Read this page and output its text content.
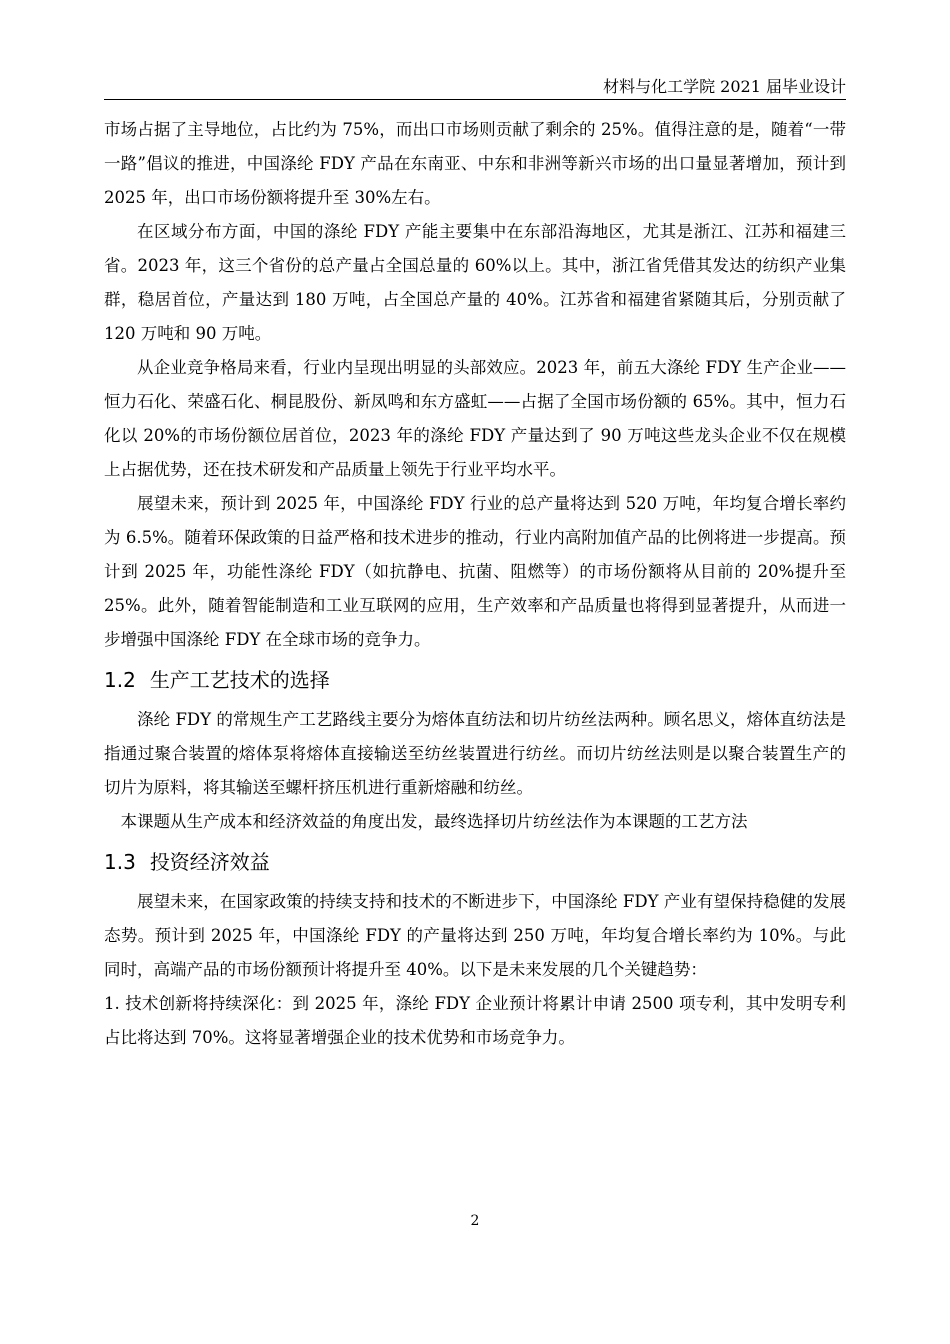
材料与化工学院 2021 届毕业设计

市场占据了主导地位，占比约为 75%，而出口市场则贡献了剩余的 25%。值得注意的是，随着“一带一路”倡议的推进，中国涤纶 FDY 产品在东南亚、中东和非洲等新兴市场的出口量显著增加，预计到 2025 年，出口市场份额将提升至 30%左右。

在区域分布方面，中国的涤纶 FDY 产能主要集中在东部沿海地区，尤其是浙江、江苏和福建三省。2023 年，这三个省份的总产量占全国总量的 60%以上。其中，浙江省凭借其发达的纺织产业集群，稳居首位，产量达到 180 万吨，占全国总产量的 40%。江苏省和福建省紧随其后，分别贡献了 120 万吨和 90 万吨。

从企业竞争格局来看，行业内呈现出明显的头部效应。2023 年，前五大涤纶 FDY 生产企业——恒力石化、荣盛石化、桐昆股份、新凤鸣和东方盛虹——占据了全国市场份额的 65%。其中，恒力石化以 20%的市场份额位居首位，2023 年的涤纶 FDY 产量达到了 90 万吨这些龙头企业不仅在规模上占据优势，还在技术研发和产品质量上领先于行业平均水平。

展望未来，预计到 2025 年，中国涤纶 FDY 行业的总产量将达到 520 万吨，年均复合增长率约为 6.5%。随着环保政策的日益严格和技术进步的推动，行业内高附加值产品的比例将进一步提高。预计到 2025 年，功能性涤纶 FDY（如抗静电、抗菌、阻燃等）的市场份额将从目前的 20%提升至 25%。此外，随着智能制造和工业互联网的应用，生产效率和产品质量也将得到显著提升，从而进一步增强中国涤纶 FDY 在全球市场的竞争力。

1.2 生产工艺技术的选择

涤纶 FDY 的常规生产工艺路线主要分为熔体直纺法和切片纺丝法两种。顾名思义，熔体直纺法是指通过聚合装置的熔体泵将熔体直接输送至纺丝装置进行纺丝。而切片纺丝法则是以聚合装置生产的切片为原料，将其输送至螺杆挤压机进行重新熔融和纺丝。

本课题从生产成本和经济效益的角度出发，最终选择切片纺丝法作为本课题的工艺方法

1.3 投资经济效益

展望未来，在国家政策的持续支持和技术的不断进步下，中国涤纶 FDY 产业有望保持稳健的发展态势。预计到 2025 年，中国涤纶 FDY 的产量将达到 250 万吨，年均复合增长率约为 10%。与此同时，高端产品的市场份额预计将提升至 40%。以下是未来发展的几个关键趋势：

1. 技术创新将持续深化：到 2025 年，涤纶 FDY 企业预计将累计申请 2500 项专利，其中发明专利占比将达到 70%。这将显著增强企业的技术优势和市场竞争力。

2
